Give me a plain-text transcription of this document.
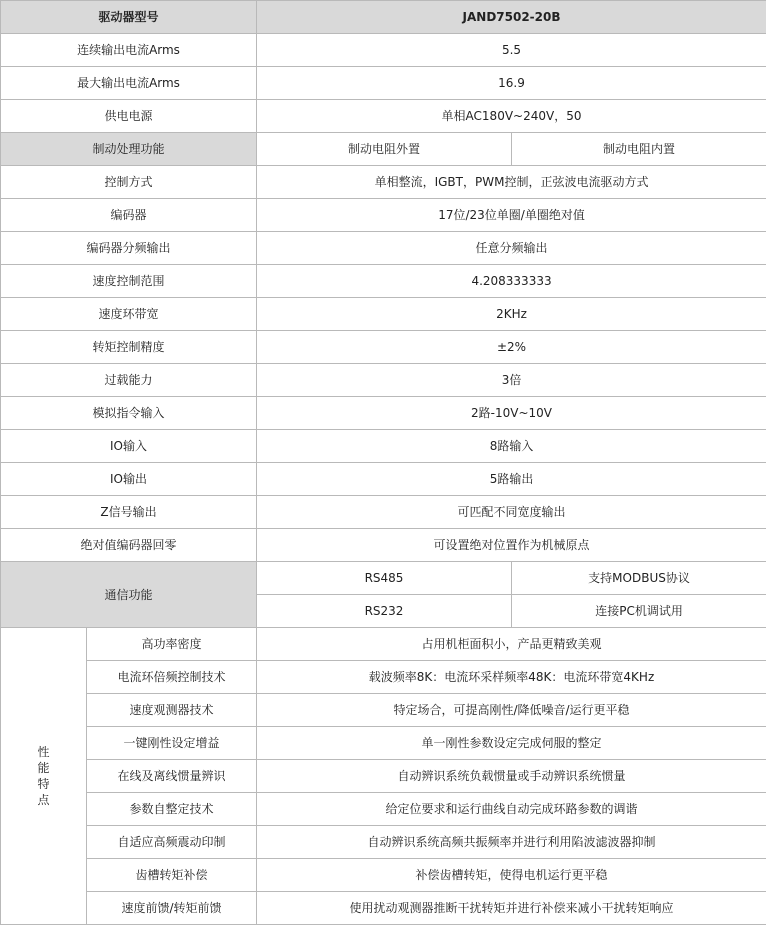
驱动器型号		JAND7502-20B	
连续输出电流Arms		5.5	
最大输出电流Arms		16.9	
供电电源		单相AC180V~240V，50	
制动处理功能		制动电阻外置	制动电阻内置
控制方式		单相整流，IGBT，PWM控制，正弦波电流驱动方式	
编码器		17位/23位单圈/单圈绝对值	
编码器分频输出		任意分频输出	
速度控制范围		4.208333333	
速度环带宽		2KHz	
转矩控制精度		±2%	
过载能力		3倍	
模拟指令输入		2路-10V~10V	
IO输入		8路输入	
IO输出		5路输出	
Z信号输出		可匹配不同宽度输出	
绝对值编码器回零		可设置绝对位置作为机械原点	
通信功能		RS485	支持MODBUS协议
		RS232	连接PC机调试用
性能特点	高功率密度	占用机柜面积小，产品更精致美观	
	电流环倍频控制技术	载波频率8K：电流环采样频率48K：电流环带宽4KHz	
	速度观测器技术	特定场合，可提高刚性/降低噪音/运行更平稳	
	一键刚性设定增益	单一刚性参数设定完成伺服的整定	
	在线及离线惯量辨识	自动辨识系统负载惯量或手动辨识系统惯量	
	参数自整定技术	给定位要求和运行曲线自动完成环路参数的调谐	
	自适应高频震动印制	自动辨识系统高频共振频率并进行利用陷波滤波器抑制	
	齿槽转矩补偿	补偿齿槽转矩，使得电机运行更平稳	
	速度前馈/转矩前馈	使用扰动观测器推断干扰转矩并进行补偿来减小干扰转矩响应	
